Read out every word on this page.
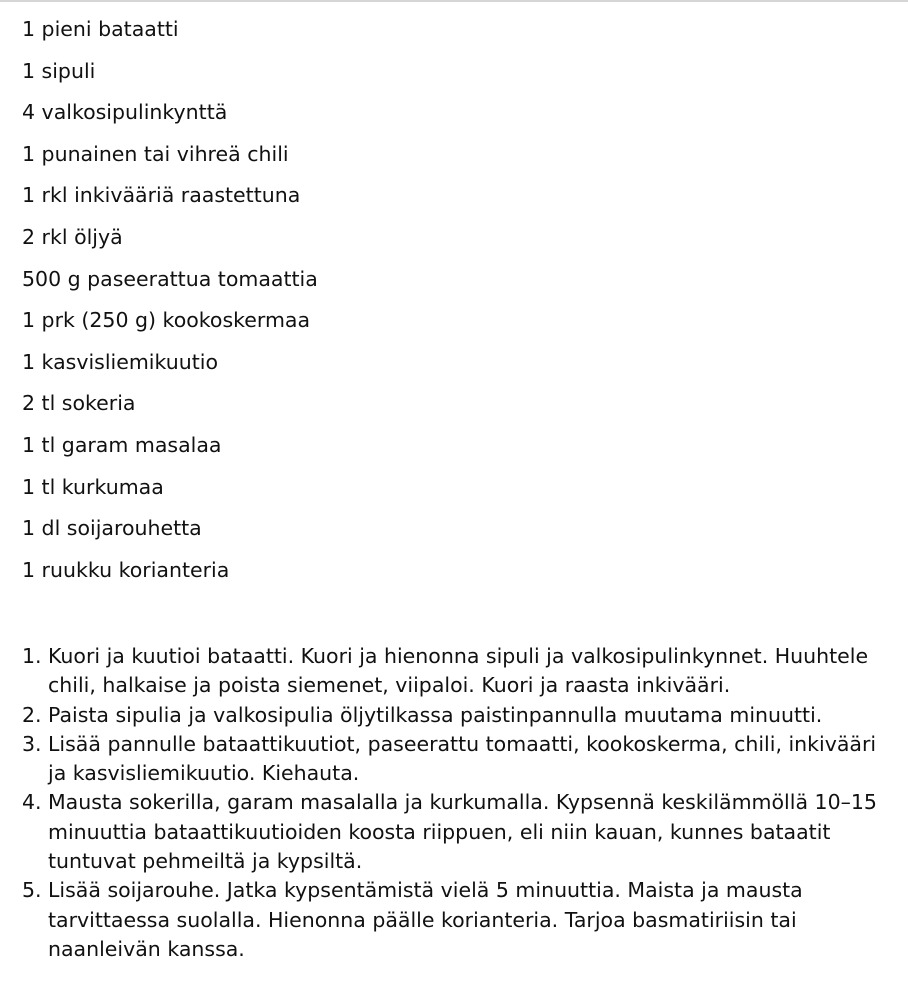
1 pieni bataatti
1 sipuli
4 valkosipulinkynttä
1 punainen tai vihreä chili
1 rkl inkivääriä raastettuna
2 rkl öljyä
500 g paseerattua tomaattia
1 prk (250 g) kookoskermaa
1 kasvisliemikuutio
2 tl sokeria
1 tl garam masalaa
1 tl kurkumaa
1 dl soijarouhetta
1 ruukku korianteria
1. Kuori ja kuutioi bataatti. Kuori ja hienonna sipuli ja valkosipulinkynnet. Huuhtele chili, halkaise ja poista siemenet, viipaloi. Kuori ja raasta inkivääri.
2. Paista sipulia ja valkosipulia öljytilkassa paistinpannulla muutama minuutti.
3. Lisää pannulle bataattikuutiot, paseerattu tomaatti, kookoskerma, chili, inkivääri ja kasvisliemikuutio. Kiehauta.
4. Mausta sokerilla, garam masalalla ja kurkumalla. Kypsennä keskilämmöllä 10–15 minuuttia bataattikuutioiden koosta riippuen, eli niin kauan, kunnes bataatit tuntuvat pehmeiltä ja kypsiltä.
5. Lisää soijarouhe. Jatka kypsentämistä vielä 5 minuuttia. Maista ja mausta tarvittaessa suolalla. Hienonna päälle korianteria. Tarjoa basmatiriisin tai naanleivän kanssa.
